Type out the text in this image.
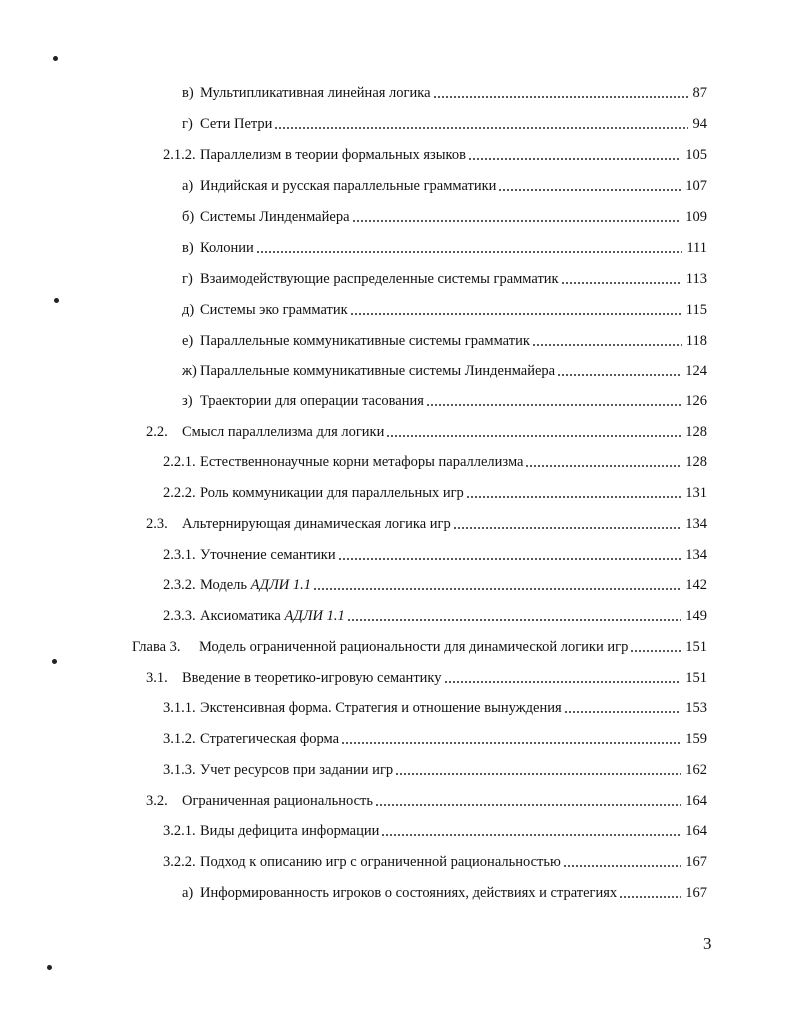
в) Мультипликативная линейная логика	87
г) Сети Петри	94
2.1.2. Параллелизм в теории формальных языков	105
а) Индийская и русская параллельные грамматики	107
б) Системы Линденмайера	109
в) Колонии	111
г) Взаимодействующие распределенные системы грамматик	113
д) Системы эко грамматик	115
е) Параллельные коммуникативные системы грамматик	118
ж) Параллельные коммуникативные системы Линденмайера	124
з) Траектории для операции тасования	126
2.2. Смысл параллелизма для логики	128
2.2.1. Естественнонаучные корни метафоры параллелизма	128
2.2.2. Роль коммуникации для параллельных игр	131
2.3. Альтернирующая динамическая логика игр	134
2.3.1. Уточнение семантики	134
2.3.2. Модель АДЛИ 1.1	142
2.3.3. Аксиоматика АДЛИ 1.1	149
Глава 3. Модель ограниченной рациональности для динамической логики игр	151
3.1. Введение в теоретико-игровую семантику	151
3.1.1. Экстенсивная форма. Стратегия и отношение вынуждения	153
3.1.2. Стратегическая форма	159
3.1.3. Учет ресурсов при задании игр	162
3.2. Ограниченная рациональность	164
3.2.1. Виды дефицита информации	164
3.2.2. Подход к описанию игр с ограниченной рациональностью	167
а) Информированность игроков о состояниях, действиях и стратегиях	167
3
